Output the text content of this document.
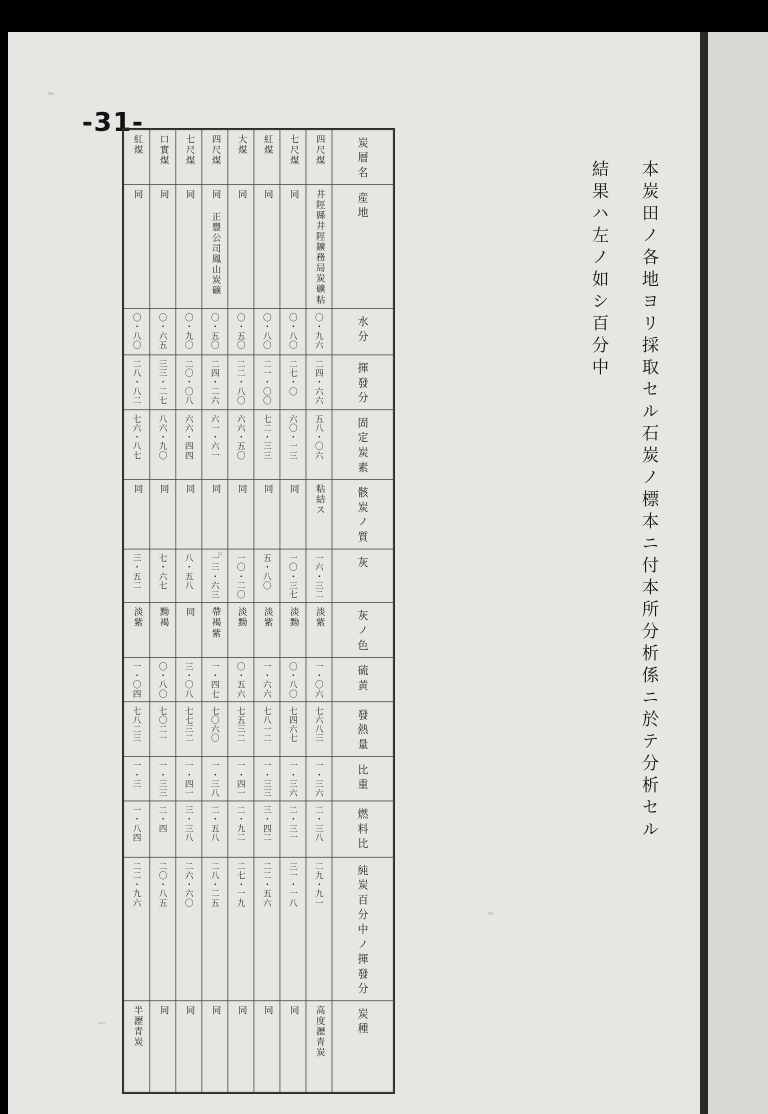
-31-
本炭田ノ各地ヨリ採取セル石炭ノ標本ニ付本所分析係ニ於テ分析セル
結果ハ左ノ如シ百分中
紅煤	口實煤	七尺煤	四尺煤	大煤	紅煤	七尺煤	四尺煤	炭層名

同	同	同	同 正豐公司鳳山炭礦	同	同	同	井陘縣井陘鑛務局炭礦粘	産地

〇・八〇	〇・六五	〇・九〇	〇・五〇	〇・五〇	〇・八〇	〇・八〇	〇・九六	水分

二八・八二	三三・二七	二〇・〇八	二四・二六	二二・八〇	二一・〇〇	二七・〇	二四・六六	揮發分

七六・八七	八六・九〇	六六・四四	六一・六一	六六・五〇	七二・三三	六〇・一三	五八・〇六	固定炭素

同	同	同	同	同	同	同	粘結ス	骸炭ノ質

三・五二	七・六七	八・五八	一三・六三	一〇・二〇	五・八〇	一〇・三七	一六・三二	灰

淡紫	黝褐	同	帶褐紫	淡黝	淡紫	淡黝	淡紫	灰ノ色

一・〇四	〇・八〇	三・〇八	一・四七	〇・五六	一・六六	〇・八〇	一・〇六	硫黄

七八二三	七〇二一	七七三二	七〇六〇	七五三二	七八一二	七四六七	七六八三	發熱量

一・三	一・三三	一・四一	一・三八	一・四一	一・三三	一・三六	一・三六	比重

一・八四	二・四	三・三八	二・五八	二・九二	三・四二	二・三一	二・三八	燃料比

二二・九六	二〇・八五	二六・六〇	二八・二五	二七・一九	二二・五六	三一・一八	二九・九一	純炭百分中ノ揮發分

半瀝青炭	同	同	同	同	同	同	高度瀝青炭	炭種
